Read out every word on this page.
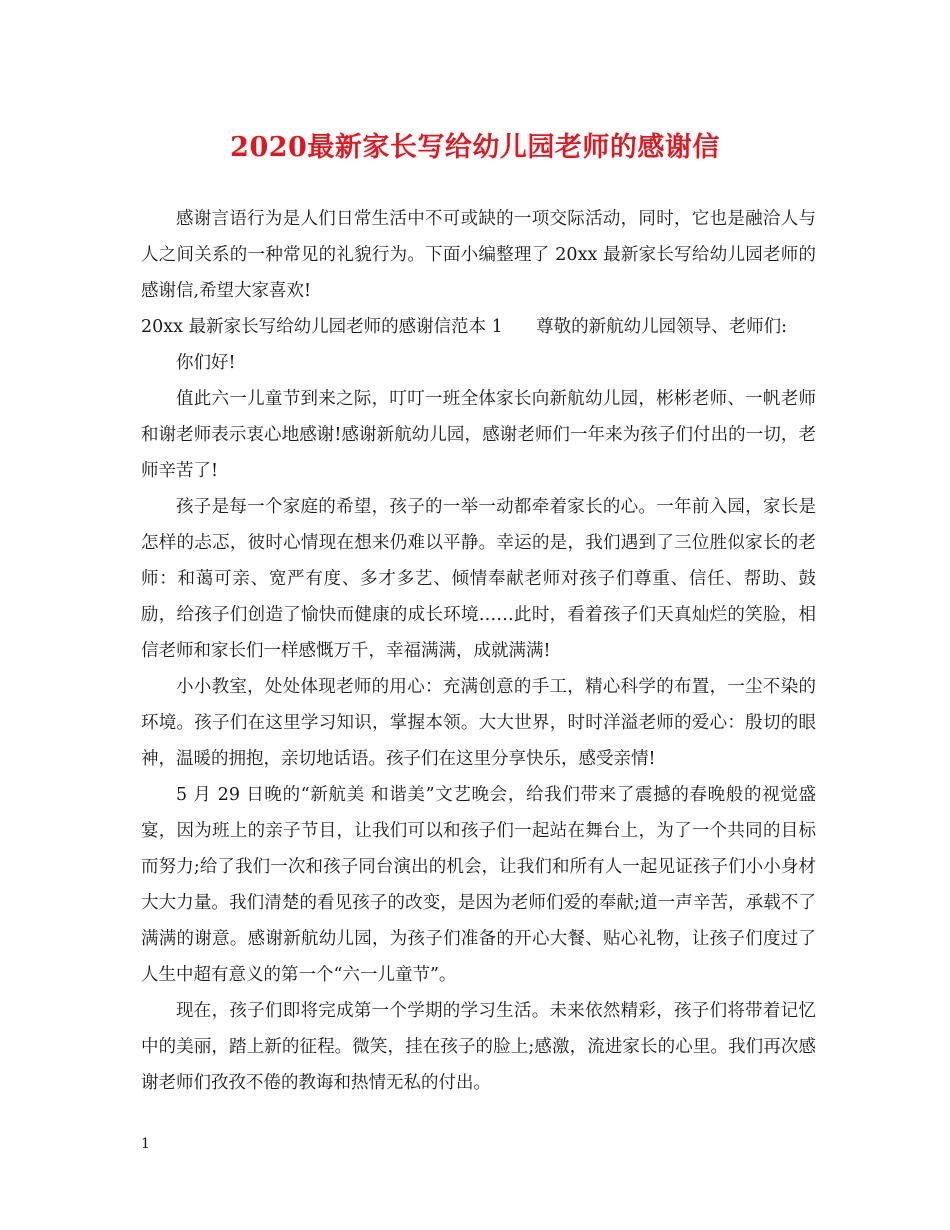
2020最新家长写给幼儿园老师的感谢信

感谢言语行为是人们日常生活中不可或缺的一项交际活动，同时，它也是融洽人与人之间关系的一种常见的礼貌行为。下面小编整理了 20xx 最新家长写给幼儿园老师的感谢信,希望大家喜欢!

20xx 最新家长写给幼儿园老师的感谢信范本 1      尊敬的新航幼儿园领导、老师们:

你们好!

值此六一儿童节到来之际，叮叮一班全体家长向新航幼儿园，彬彬老师、一帆老师和谢老师表示衷心地感谢!感谢新航幼儿园，感谢老师们一年来为孩子们付出的一切，老师辛苦了!

孩子是每一个家庭的希望，孩子的一举一动都牵着家长的心。一年前入园，家长是怎样的忐忑，彼时心情现在想来仍难以平静。幸运的是，我们遇到了三位胜似家长的老师：和蔼可亲、宽严有度、多才多艺、倾情奉献老师对孩子们尊重、信任、帮助、鼓励，给孩子们创造了愉快而健康的成长环境……此时，看着孩子们天真灿烂的笑脸，相信老师和家长们一样感慨万千，幸福满满，成就满满!

小小教室，处处体现老师的用心：充满创意的手工，精心科学的布置，一尘不染的环境。孩子们在这里学习知识，掌握本领。大大世界，时时洋溢老师的爱心：殷切的眼神，温暖的拥抱，亲切地话语。孩子们在这里分享快乐，感受亲情!

5 月 29 日晚的“新航美 和谐美”文艺晚会，给我们带来了震撼的春晚般的视觉盛宴，因为班上的亲子节目，让我们可以和孩子们一起站在舞台上，为了一个共同的目标而努力;给了我们一次和孩子同台演出的机会，让我们和所有人一起见证孩子们小小身材大大力量。我们清楚的看见孩子的改变，是因为老师们爱的奉献;道一声辛苦，承载不了满满的谢意。感谢新航幼儿园，为孩子们准备的开心大餐、贴心礼物，让孩子们度过了人生中超有意义的第一个“六一儿童节”。

现在，孩子们即将完成第一个学期的学习生活。未来依然精彩，孩子们将带着记忆中的美丽，踏上新的征程。微笑，挂在孩子的脸上;感激，流进家长的心里。我们再次感谢老师们孜孜不倦的教诲和热情无私的付出。

1
